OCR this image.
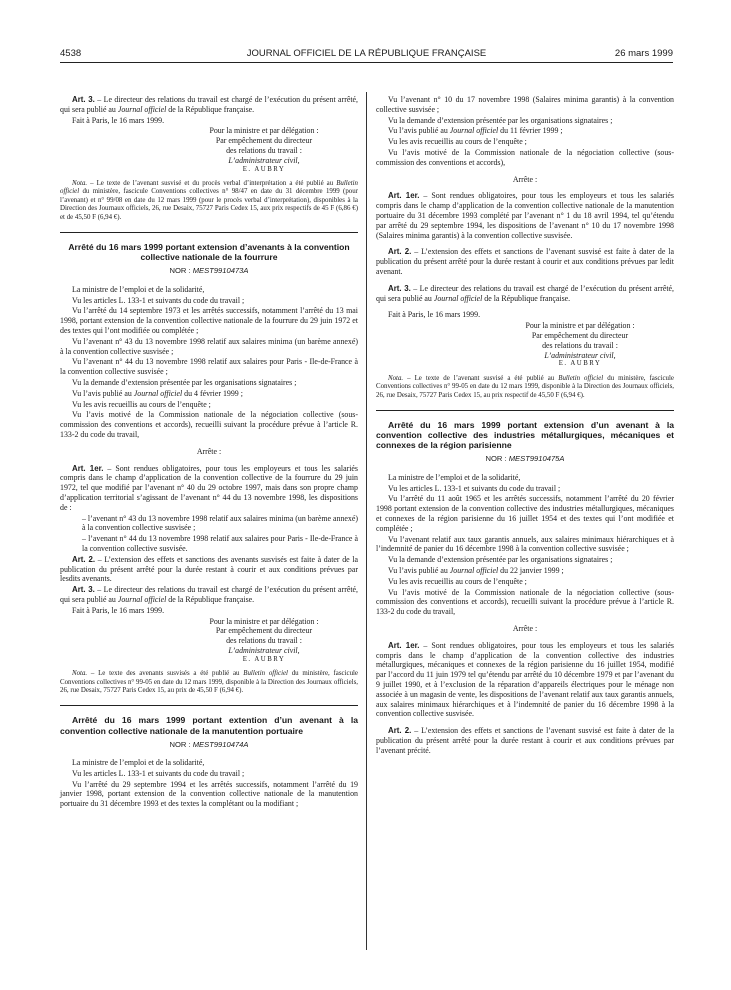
4538	JOURNAL OFFICIEL DE LA RÉPUBLIQUE FRANÇAISE	26 mars 1999

Art. 3. – Le directeur des relations du travail est chargé de l’exécution du présent arrêté, qui sera publié au Journal officiel de la République française.

Fait à Paris, le 16 mars 1999.

Pour la ministre et par délégation :
Par empêchement du directeur
des relations du travail :
L’administrateur civil,
E. AUBRY

Nota. – Le texte de l’avenant susvisé et du procès verbal d’interprétation a été publié au Bulletin officiel du ministère, fascicule Conventions collectives n° 98/47 en date du 31 décembre 1999 (pour l’avenant) et n° 99/08 en date du 12 mars 1999 (pour le procès verbal d’interprétation), disponibles à la Direction des Journaux officiels, 26, rue Desaix, 75727 Paris Cedex 15, aux prix respectifs de 45 F (6,86 €) et de 45,50 F (6,94 €).

Arrêté du 16 mars 1999 portant extension d’avenants à la convention collective nationale de la fourrure

NOR : MESТ9910473A

La ministre de l’emploi et de la solidarité,

Vu les articles L. 133-1 et suivants du code du travail ;

Vu l’arrêté du 14 septembre 1973 et les arrêtés successifs, notamment l’arrêté du 13 mai 1998, portant extension de la convention collective nationale de la fourrure du 29 juin 1972 et des textes qui l’ont modifiée ou complétée ;

Vu l’avenant n° 43 du 13 novembre 1998 relatif aux salaires minima (un barème annexé) à la convention collective susvisée ;

Vu l’avenant n° 44 du 13 novembre 1998 relatif aux salaires pour Paris - Ile-de-France à la convention collective susvisée ;

Vu la demande d’extension présentée par les organisations signataires ;

Vu l’avis publié au Journal officiel du 4 février 1999 ;

Vu les avis recueillis au cours de l’enquête ;

Vu l’avis motivé de la Commission nationale de la négociation collective (sous-commission des conventions et accords), recueilli suivant la procédure prévue à l’article R. 133-2 du code du travail,

Arrête :

Art. 1er. – Sont rendues obligatoires, pour tous les employeurs et tous les salariés compris dans le champ d’application de la convention collective de la fourrure du 29 juin 1972, tel que modifié par l’avenant n° 40 du 29 octobre 1997, mais dans son propre champ d’application territorial s’agissant de l’avenant n° 44 du 13 novembre 1998, les dispositions de :

– l’avenant n° 43 du 13 novembre 1998 relatif aux salaires minima (un barème annexé) à la convention collective susvisée ;

– l’avenant n° 44 du 13 novembre 1998 relatif aux salaires pour Paris - Ile-de-France à la convention collective susvisée.

Art. 2. – L’extension des effets et sanctions des avenants susvisés est faite à dater de la publication du présent arrêté pour la durée restant à courir et aux conditions prévues par lesdits avenants.

Art. 3. – Le directeur des relations du travail est chargé de l’exécution du présent arrêté, qui sera publié au Journal officiel de la République française.

Fait à Paris, le 16 mars 1999.

Pour la ministre et par délégation :
Par empêchement du directeur
des relations du travail :
L’administrateur civil,
E. AUBRY

Nota. – Le texte des avenants susvisés a été publié au Bulletin officiel du ministère, fascicule Conventions collectives n° 99-05 en date du 12 mars 1999, disponible à la Direction des Journaux officiels, 26, rue Desaix, 75727 Paris Cedex 15, au prix de 45,50 F (6,94 €).

Arrêté du 16 mars 1999 portant extention d’un avenant à la convention collective nationale de la manutention portuaire

NOR : MESТ9910474A

La ministre de l’emploi et de la solidarité,

Vu les articles L. 133-1 et suivants du code du travail ;

Vu l’arrêté du 29 septembre 1994 et les arrêtés successifs, notamment l’arrêté du 19 janvier 1998, portant extension de la convention collective nationale de la manutention portuaire du 31 décembre 1993 et des textes la complétant ou la modifiant ;

Vu l’avenant n° 10 du 17 novembre 1998 (Salaires minima garantis) à la convention collective susvisée ;

Vu la demande d’extension présentée par les organisations signataires ;

Vu l’avis publié au Journal officiel du 11 février 1999 ;

Vu les avis recueillis au cours de l’enquête ;

Vu l’avis motivé de la Commission nationale de la négociation collective (sous-commission des conventions et accords),

Arrête :

Art. 1er. – Sont rendues obligatoires, pour tous les employeurs et tous les salariés compris dans le champ d’application de la convention collective nationale de la manutention portuaire du 31 décembre 1993 complété par l’avenant n° 1 du 18 avril 1994, tel qu’étendu par arrêté du 29 septembre 1994, les dispositions de l’avenant n° 10 du 17 novembre 1998 (Salaires minima garantis) à la convention collective susvisée.

Art. 2. – L’extension des effets et sanctions de l’avenant susvisé est faite à dater de la publication du présent arrêté pour la durée restant à courir et aux conditions prévues par ledit avenant.

Art. 3. – Le directeur des relations du travail est chargé de l’exécution du présent arrêté, qui sera publié au Journal officiel de la République française.

Fait à Paris, le 16 mars 1999.

Pour la ministre et par délégation :
Par empêchement du directeur
des relations du travail :
L’administrateur civil,
E. AUBRY

Nota. – Le texte de l’avenant susvisé a été publié au Bulletin officiel du ministère, fascicule Conventions collectives n° 99-05 en date du 12 mars 1999, disponible à la Direction des Journaux officiels, 26, rue Desaix, 75727 Paris Cedex 15, au prix respectif de 45,50 F (6,94 €).

Arrêté du 16 mars 1999 portant extension d’un avenant à la convention collective des industries métallurgiques, mécaniques et connexes de la région parisienne

NOR : MESТ9910475A

La ministre de l’emploi et de la solidarité,

Vu les articles L. 133-1 et suivants du code du travail ;

Vu l’arrêté du 11 août 1965 et les arrêtés successifs, notamment l’arrêté du 20 février 1998 portant extension de la convention collective des industries métallurgiques, mécaniques et connexes de la région parisienne du 16 juillet 1954 et des textes qui l’ont modifiée et complétée ;

Vu l’avenant relatif aux taux garantis annuels, aux salaires minimaux hiérarchiques et à l’indemnité de panier du 16 décembre 1998 à la convention collective susvisée ;

Vu la demande d’extension présentée par les organisations signataires ;

Vu l’avis publié au Journal officiel du 22 janvier 1999 ;

Vu les avis recueillis au cours de l’enquête ;

Vu l’avis motivé de la Commission nationale de la négociation collective (sous-commission des conventions et accords), recueilli suivant la procédure prévue à l’article R. 133-2 du code du travail,

Arrête :

Art. 1er. – Sont rendues obligatoires, pour tous les employeurs et tous les salariés compris dans le champ d’application de la convention collective des industries métallurgiques, mécaniques et connexes de la région parisienne du 16 juillet 1954, modifié par l’accord du 11 juin 1979 tel qu’étendu par arrêté du 10 décembre 1979 et par l’avenant du 9 juillet 1990, et à l’exclusion de la réparation d’appareils électriques pour le ménage non associée à un magasin de vente, les dispositions de l’avenant relatif aux taux garantis annuels, aux salaires minimaux hiérarchiques et à l’indemnité de panier du 16 décembre 1998 à la convention collective susvisée.

Art. 2. – L’extension des effets et sanctions de l’avenant susvisé est faite à dater de la publication du présent arrêté pour la durée restant à courir et aux conditions prévues par l’avenant précité.
